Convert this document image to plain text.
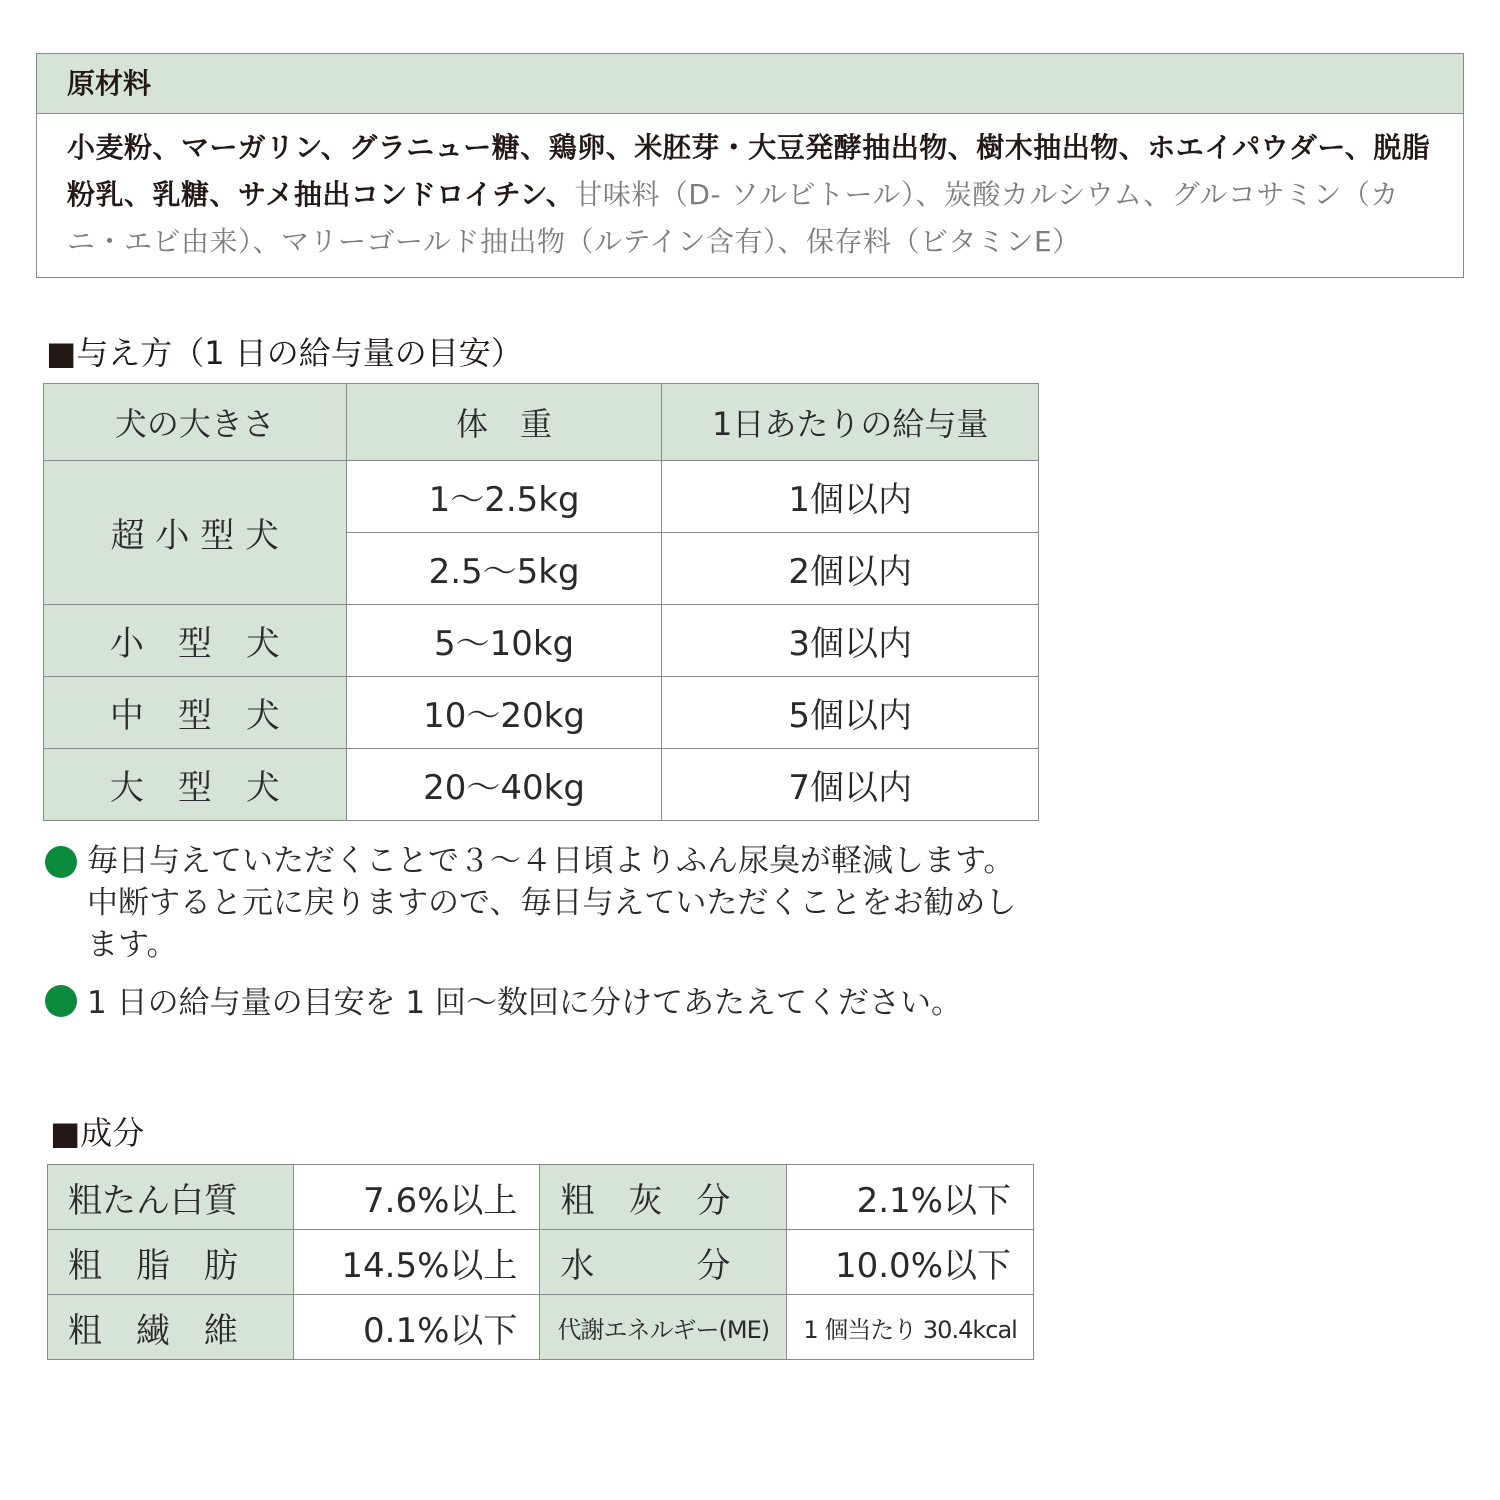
原材料
小麦粉、マーガリン、グラニュー糖、鶏卵、米胚芽・大豆発酵抽出物、樹木抽出物、ホエイパウダー、脱脂粉乳、乳糖、サメ抽出コンドロイチン、甘味料（D- ソルビトール）、炭酸カルシウム、グルコサミン（カニ・エビ由来）、マリーゴールド抽出物（ルテイン含有）、保存料（ビタミンE）
■与え方（1 日の給与量の目安）
犬の大きさ	体　重	1日あたりの給与量
超 小 型 犬	1～2.5kg	1個以内
	2.5～5kg	2個以内
小　型　犬	5～10kg	3個以内
中　型　犬	10～20kg	5個以内
大　型　犬	20～40kg	7個以内
毎日与えていただくことで３～４日頃よりふん尿臭が軽減します。中断すると元に戻りますので、毎日与えていただくことをお勧めします。
1 日の給与量の目安を 1 回～数回に分けてあたえてください。
■成分
粗たん白質	7.6%以上	粗　灰　分	2.1%以下
粗　脂　肪	14.5%以上	水　　　分	10.0%以下
粗　繊　維	0.1%以下	代謝エネルギー(ME)	1 個当たり 30.4kcal
